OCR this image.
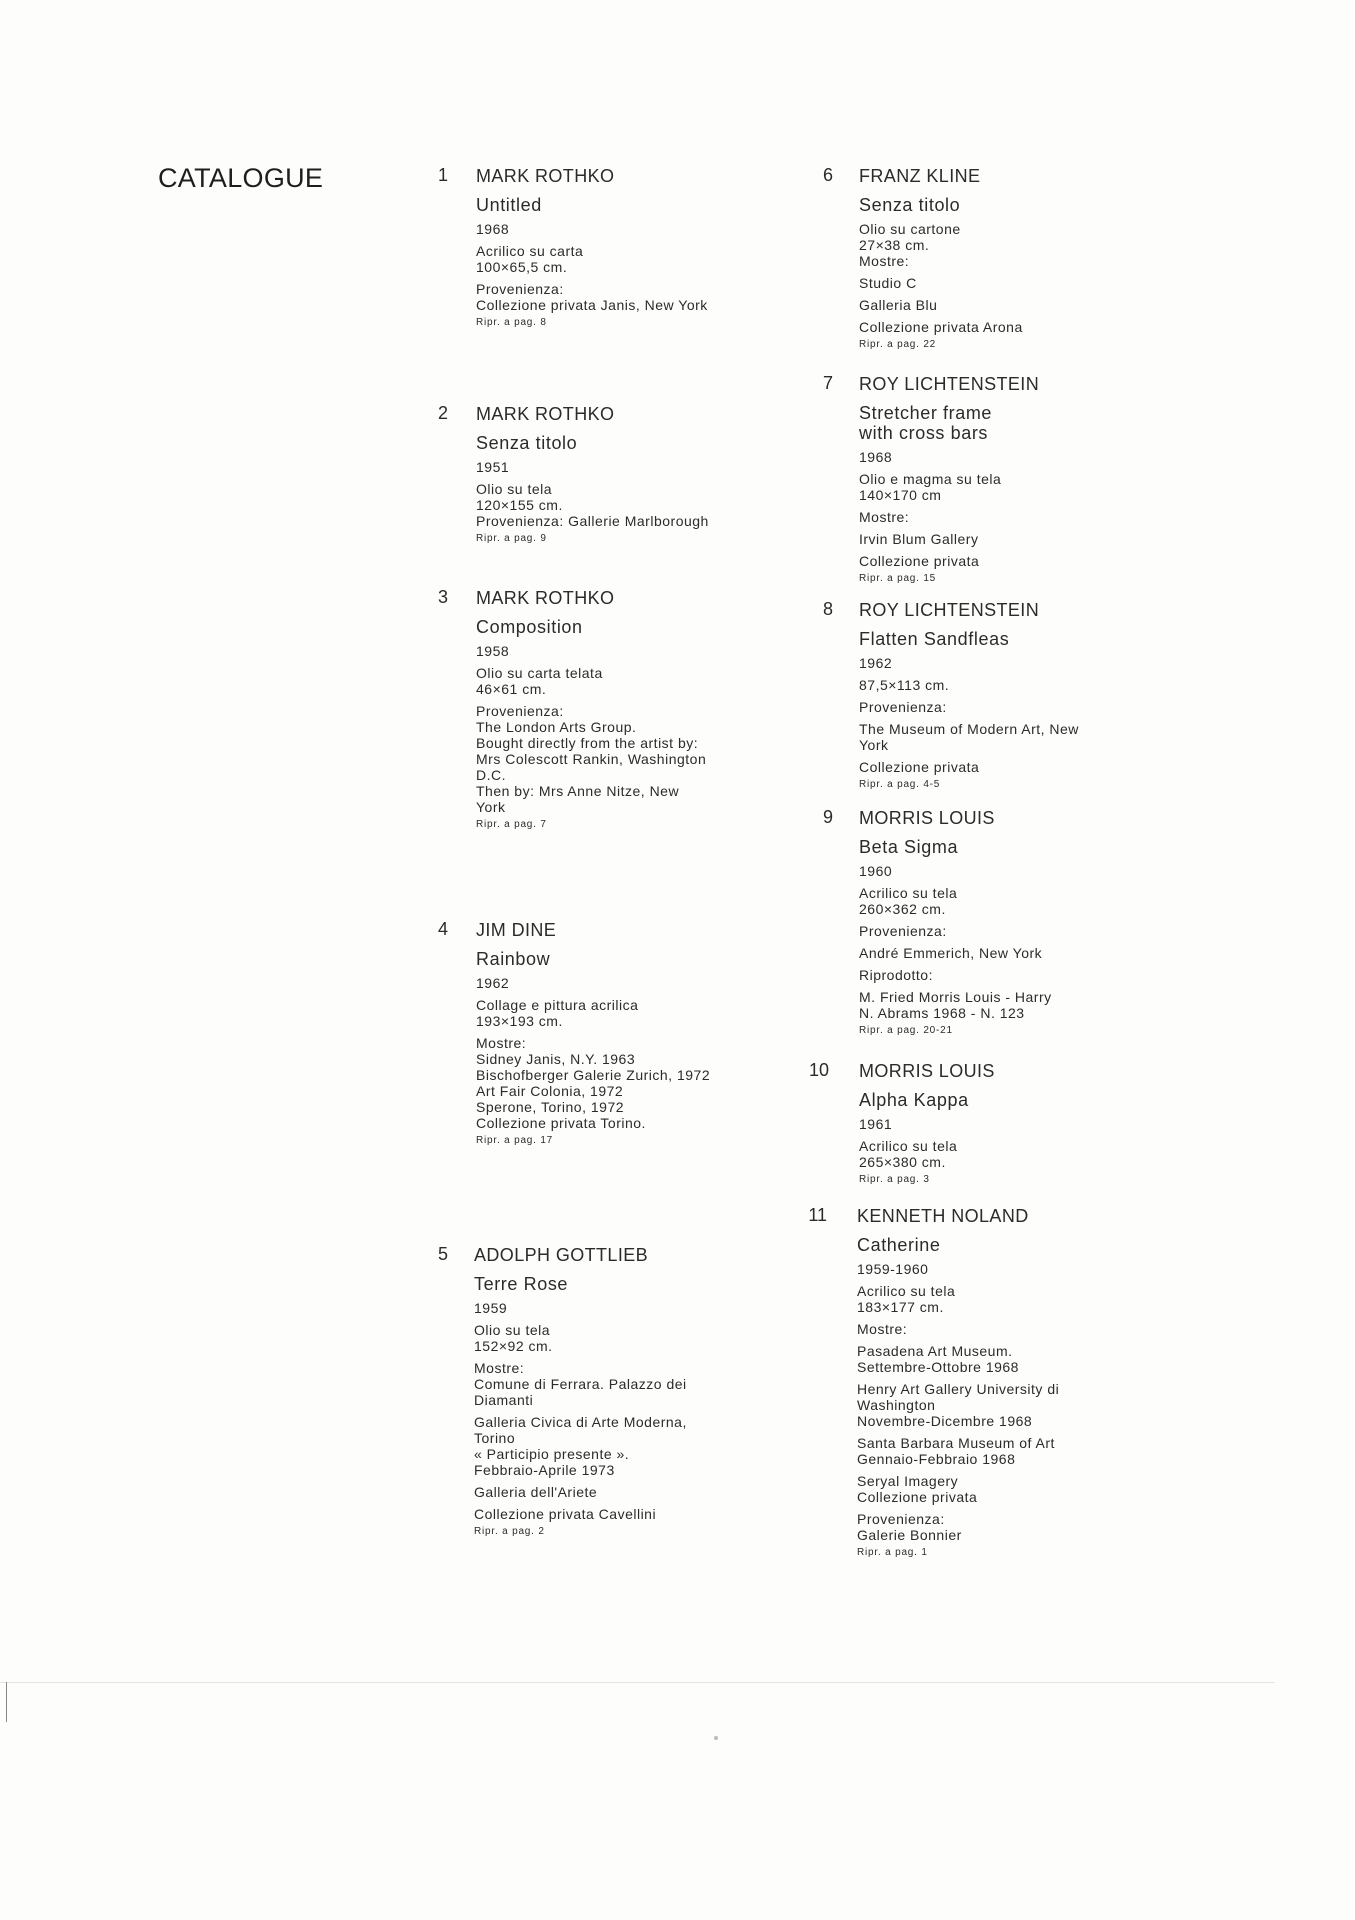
CATALOGUE	1 MARK ROTHKO
Untitled
1968
Acrilico su carta
100×65,5 cm.
Provenienza:
Collezione privata Janis, New York
Ripr. a pag. 8
2 MARK ROTHKO
Senza titolo
1951
Olio su tela
120×155 cm.
Provenienza: Gallerie Marlborough
Ripr. a pag. 9
3 MARK ROTHKO
Composition
1958
Olio su carta telata
46×61 cm.
Provenienza:
The London Arts Group.
Bought directly from the artist by:
Mrs Colescott Rankin, Washington
D.C.
Then by: Mrs Anne Nitze, New
York
Ripr. a pag. 7
4 JIM DINE
Rainbow
1962
Collage e pittura acrilica
193×193 cm.
Mostre:
Sidney Janis, N.Y. 1963
Bischofberger Galerie Zurich, 1972
Art Fair Colonia, 1972
Sperone, Torino, 1972
Collezione privata Torino.
Ripr. a pag. 17
5 ADOLPH GOTTLIEB
Terre Rose
1959
Olio su tela
152×92 cm.
Mostre:
Comune di Ferrara. Palazzo dei
Diamanti
Galleria Civica di Arte Moderna,
Torino
« Participio presente ».
Febbraio-Aprile 1973
Galleria dell'Ariete
Collezione privata Cavellini
Ripr. a pag. 2
6 FRANZ KLINE
Senza titolo
Olio su cartone
27×38 cm.
Mostre:
Studio C
Galleria Blu
Collezione privata Arona
Ripr. a pag. 22
7 ROY LICHTENSTEIN
Stretcher frame with cross bars
1968
Olio e magma su tela
140×170 cm
Mostre:
Irvin Blum Gallery
Collezione privata
Ripr. a pag. 15
8 ROY LICHTENSTEIN
Flatten Sandfleas
1962
87,5×113 cm.
Provenienza:
The Museum of Modern Art, New
York
Collezione privata
Ripr. a pag. 4-5
9 MORRIS LOUIS
Beta Sigma
1960
Acrilico su tela
260×362 cm.
Provenienza:
André Emmerich, New York
Riprodotto:
M. Fried Morris Louis - Harry
N. Abrams 1968 - N. 123
Ripr. a pag. 20-21
10 MORRIS LOUIS
Alpha Kappa
1961
Acrilico su tela
265×380 cm.
Ripr. a pag. 3
11 KENNETH NOLAND
Catherine
1959-1960
Acrilico su tela
183×177 cm.
Mostre:
Pasadena Art Museum.
Settembre-Ottobre 1968
Henry Art Gallery University di
Washington
Novembre-Dicembre 1968
Santa Barbara Museum of Art
Gennaio-Febbraio 1968
Seryal Imagery
Collezione privata
Provenienza:
Galerie Bonnier
Ripr. a pag. 1
